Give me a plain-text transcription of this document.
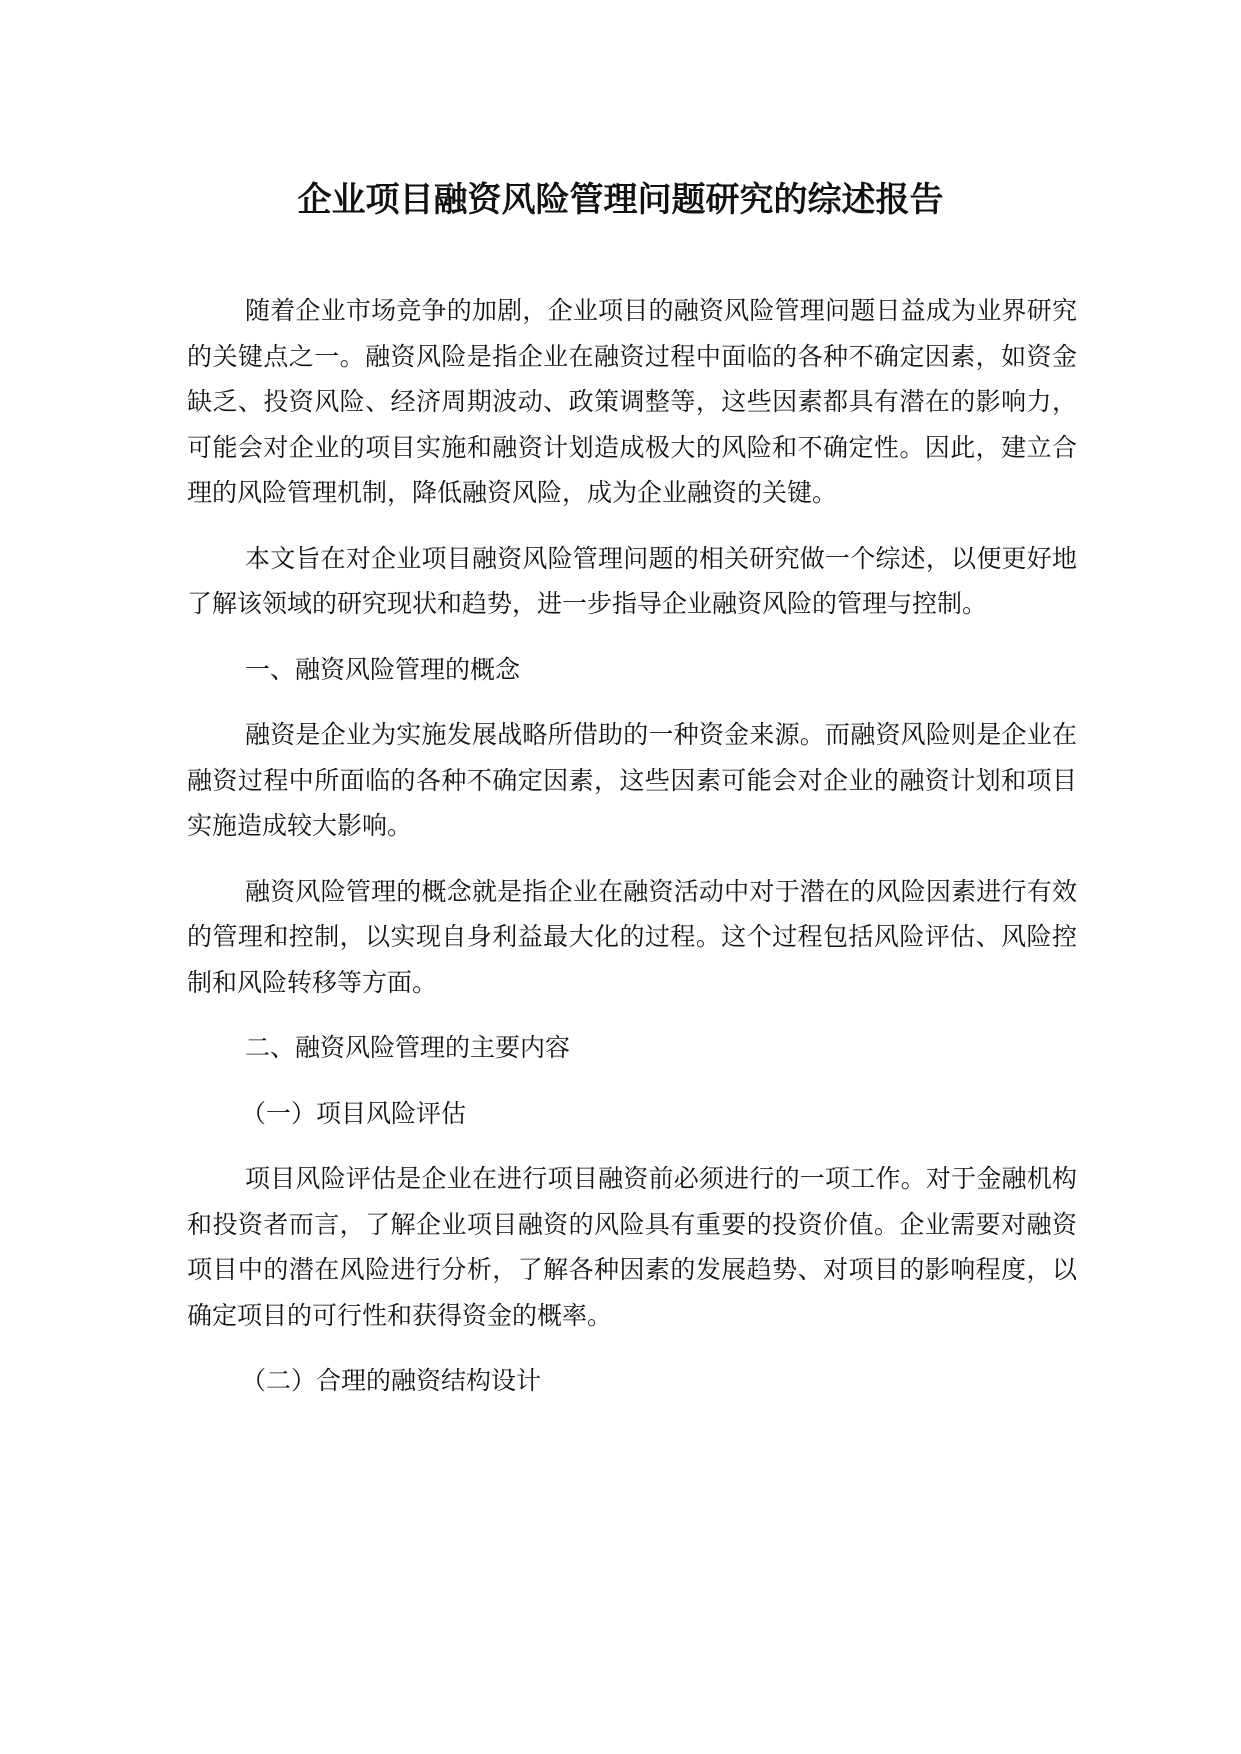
企业项目融资风险管理问题研究的综述报告

随着企业市场竞争的加剧，企业项目的融资风险管理问题日益成为业界研究的关键点之一。融资风险是指企业在融资过程中面临的各种不确定因素，如资金缺乏、投资风险、经济周期波动、政策调整等，这些因素都具有潜在的影响力，可能会对企业的项目实施和融资计划造成极大的风险和不确定性。因此，建立合理的风险管理机制，降低融资风险，成为企业融资的关键。

本文旨在对企业项目融资风险管理问题的相关研究做一个综述，以便更好地了解该领域的研究现状和趋势，进一步指导企业融资风险的管理与控制。

一、融资风险管理的概念

融资是企业为实施发展战略所借助的一种资金来源。而融资风险则是企业在融资过程中所面临的各种不确定因素，这些因素可能会对企业的融资计划和项目实施造成较大影响。

融资风险管理的概念就是指企业在融资活动中对于潜在的风险因素进行有效的管理和控制，以实现自身利益最大化的过程。这个过程包括风险评估、风险控制和风险转移等方面。

二、融资风险管理的主要内容

（一）项目风险评估

项目风险评估是企业在进行项目融资前必须进行的一项工作。对于金融机构和投资者而言，了解企业项目融资的风险具有重要的投资价值。企业需要对融资项目中的潜在风险进行分析，了解各种因素的发展趋势、对项目的影响程度，以确定项目的可行性和获得资金的概率。

（二）合理的融资结构设计
